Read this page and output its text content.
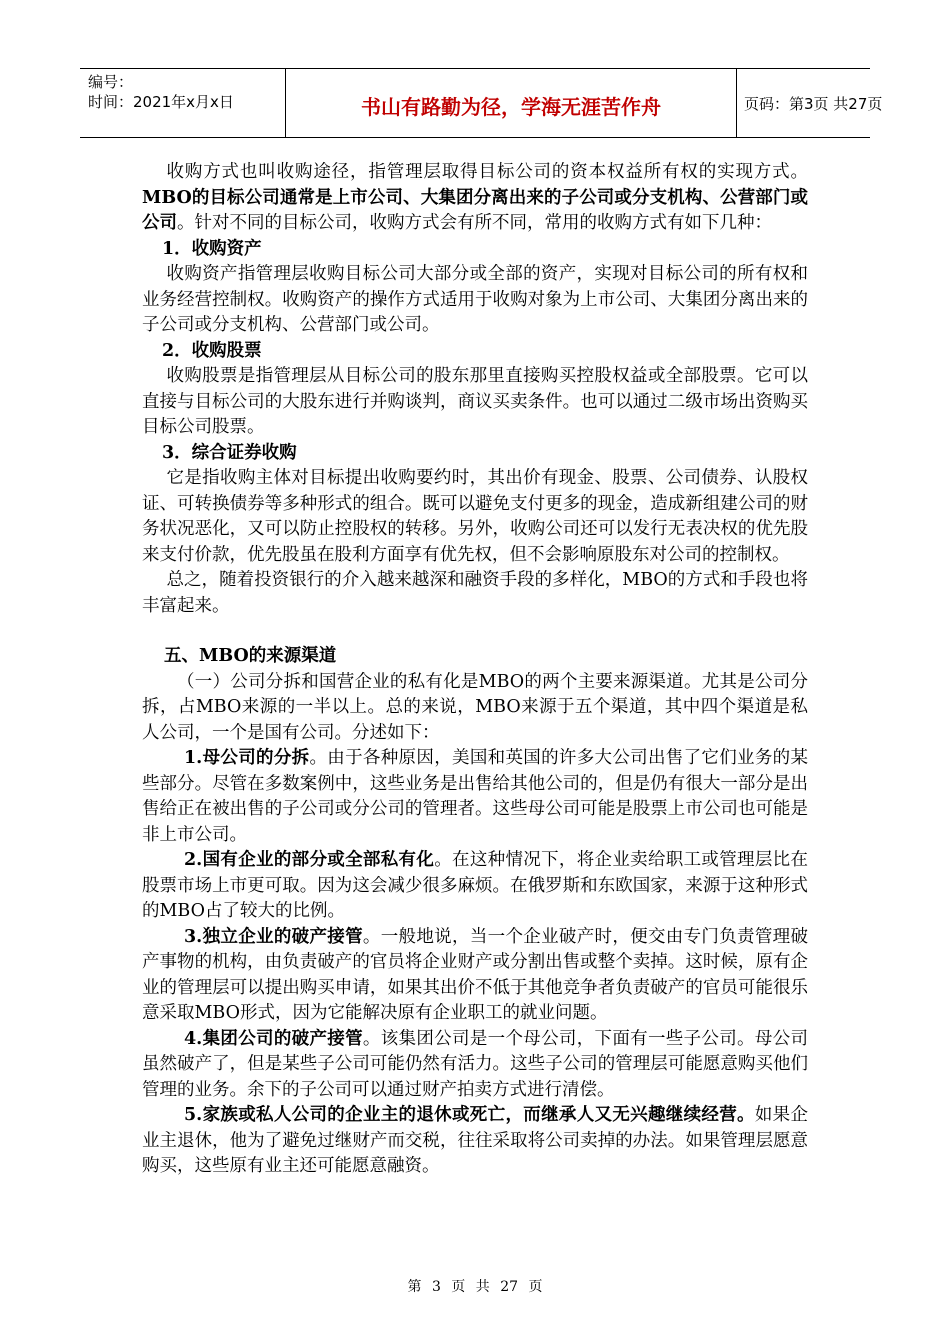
编号：
时间：2021年x月x日	书山有路勤为径，学海无涯苦作舟	页码：第3页 共27页

收购方式也叫收购途径，指管理层取得目标公司的资本权益所有权的实现方式。MBO的目标公司通常是上市公司、大集团分离出来的子公司或分支机构、公营部门或公司。针对不同的目标公司，收购方式会有所不同，常用的收购方式有如下几种：

1．收购资产

收购资产指管理层收购目标公司大部分或全部的资产，实现对目标公司的所有权和业务经营控制权。收购资产的操作方式适用于收购对象为上市公司、大集团分离出来的子公司或分支机构、公营部门或公司。

2．收购股票

收购股票是指管理层从目标公司的股东那里直接购买控股权益或全部股票。它可以直接与目标公司的大股东进行并购谈判，商议买卖条件。也可以通过二级市场出资购买目标公司股票。

3．综合证券收购

它是指收购主体对目标提出收购要约时，其出价有现金、股票、公司债券、认股权证、可转换债券等多种形式的组合。既可以避免支付更多的现金，造成新组建公司的财务状况恶化，又可以防止控股权的转移。另外，收购公司还可以发行无表决权的优先股来支付价款，优先股虽在股利方面享有优先权，但不会影响原股东对公司的控制权。

总之，随着投资银行的介入越来越深和融资手段的多样化，MBO的方式和手段也将丰富起来。

五、MBO的来源渠道

（一）公司分拆和国营企业的私有化是MBO的两个主要来源渠道。尤其是公司分拆，占MBO来源的一半以上。总的来说，MBO来源于五个渠道，其中四个渠道是私人公司，一个是国有公司。分述如下：

1.母公司的分拆。由于各种原因，美国和英国的许多大公司出售了它们业务的某些部分。尽管在多数案例中，这些业务是出售给其他公司的，但是仍有很大一部分是出售给正在被出售的子公司或分公司的管理者。这些母公司可能是股票上市公司也可能是非上市公司。

2.国有企业的部分或全部私有化。在这种情况下，将企业卖给职工或管理层比在股票市场上市更可取。因为这会减少很多麻烦。在俄罗斯和东欧国家，来源于这种形式的MBO占了较大的比例。

3.独立企业的破产接管。一般地说，当一个企业破产时，便交由专门负责管理破产事物的机构，由负责破产的官员将企业财产或分割出售或整个卖掉。这时候，原有企业的管理层可以提出购买申请，如果其出价不低于其他竞争者负责破产的官员可能很乐意采取MBO形式，因为它能解决原有企业职工的就业问题。

4.集团公司的破产接管。该集团公司是一个母公司，下面有一些子公司。母公司虽然破产了，但是某些子公司可能仍然有活力。这些子公司的管理层可能愿意购买他们管理的业务。余下的子公司可以通过财产拍卖方式进行清偿。

5.家族或私人公司的企业主的退休或死亡，而继承人又无兴趣继续经营。如果企业主退休，他为了避免过继财产而交税，往往采取将公司卖掉的办法。如果管理层愿意购买，这些原有业主还可能愿意融资。

第 3 页 共 27 页
